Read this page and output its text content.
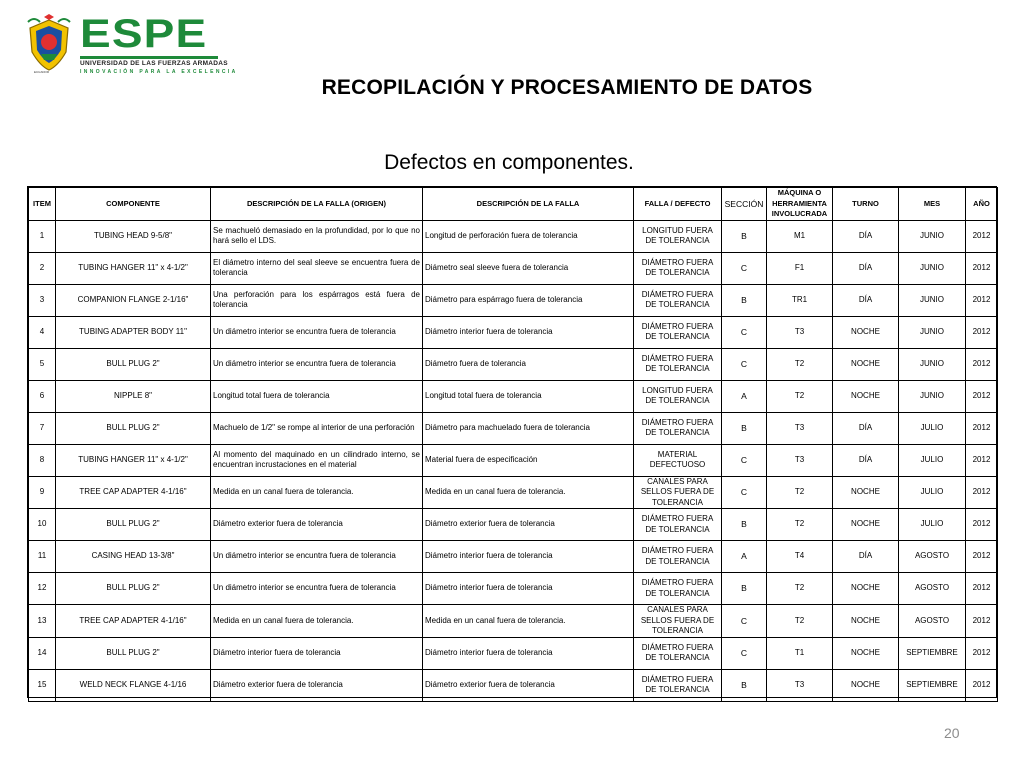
ECUADOR
ESPE
UNIVERSIDAD DE LAS FUERZAS ARMADAS
INNOVACIÓN PARA LA EXCELENCIA
RECOPILACIÓN Y PROCESAMIENTO DE DATOS
Defectos en componentes.
ITEM	COMPONENTE	DESCRIPCIÓN DE LA FALLA (ORIGEN)	DESCRIPCIÓN DE LA FALLA	FALLA / DEFECTO	SECCIÓN	MÁQUINA O HERRAMIENTA INVOLUCRADA	TURNO	MES	AÑO
1	TUBING HEAD 9-5/8"	Se machueló demasiado en la profundidad, por lo que no hará sello el LDS.	Longitud de perforación fuera de tolerancia	LONGITUD FUERA DE TOLERANCIA	B	M1	DÍA	JUNIO	2012
2	TUBING HANGER 11" x 4-1/2"	El diámetro interno del seal sleeve se encuentra fuera de tolerancia	Diámetro seal sleeve fuera de tolerancia	DIÁMETRO FUERA DE TOLERANCIA	C	F1	DÍA	JUNIO	2012
3	COMPANION FLANGE 2-1/16"	Una perforación para los espárragos está fuera de tolerancia	Diámetro para espárrago fuera de tolerancia	DIÁMETRO FUERA DE TOLERANCIA	B	TR1	DÍA	JUNIO	2012
4	TUBING ADAPTER BODY 11"	Un diámetro interior se encuntra fuera de tolerancia	Diámetro interior fuera de tolerancia	DIÁMETRO FUERA DE TOLERANCIA	C	T3	NOCHE	JUNIO	2012
5	BULL PLUG 2"	Un diámetro interior se encuntra fuera de tolerancia	Diámetro fuera de tolerancia	DIÁMETRO FUERA DE TOLERANCIA	C	T2	NOCHE	JUNIO	2012
6	NIPPLE 8"	Longitud total fuera de tolerancia	Longitud total fuera de tolerancia	LONGITUD FUERA DE TOLERANCIA	A	T2	NOCHE	JUNIO	2012
7	BULL PLUG 2"	Machuelo de 1/2" se rompe al interior de una perforación	Diámetro para machuelado fuera de tolerancia	DIÁMETRO FUERA DE TOLERANCIA	B	T3	DÍA	JULIO	2012
8	TUBING HANGER 11" x 4-1/2"	Al momento del maquinado en un cilindrado interno, se encuentran incrustaciones en el material	Material fuera de especificación	MATERIAL DEFECTUOSO	C	T3	DÍA	JULIO	2012
9	TREE CAP ADAPTER 4-1/16"	Medida en un canal fuera de tolerancia.	Medida en un canal fuera de tolerancia.	CANALES PARA SELLOS FUERA DE TOLERANCIA	C	T2	NOCHE	JULIO	2012
10	BULL PLUG 2"	Diámetro exterior fuera de tolerancia	Diámetro exterior fuera de tolerancia	DIÁMETRO FUERA DE TOLERANCIA	B	T2	NOCHE	JULIO	2012
11	CASING HEAD 13-3/8"	Un diámetro interior se encuntra fuera de tolerancia	Diámetro interior fuera de tolerancia	DIÁMETRO FUERA DE TOLERANCIA	A	T4	DÍA	AGOSTO	2012
12	BULL PLUG 2"	Un diámetro interior se encuntra fuera de tolerancia	Diámetro interior fuera de tolerancia	DIÁMETRO FUERA DE TOLERANCIA	B	T2	NOCHE	AGOSTO	2012
13	TREE CAP ADAPTER 4-1/16"	Medida en un canal fuera de tolerancia.	Medida en un canal fuera de tolerancia.	CANALES PARA SELLOS FUERA DE TOLERANCIA	C	T2	NOCHE	AGOSTO	2012
14	BULL PLUG 2"	Diámetro interior fuera de tolerancia	Diámetro interior fuera de tolerancia	DIÁMETRO FUERA DE TOLERANCIA	C	T1	NOCHE	SEPTIEMBRE	2012
15	WELD NECK FLANGE 4-1/16	Diámetro exterior fuera de tolerancia	Diámetro exterior fuera de tolerancia	DIÁMETRO FUERA DE TOLERANCIA	B	T3	NOCHE	SEPTIEMBRE	2012
20
